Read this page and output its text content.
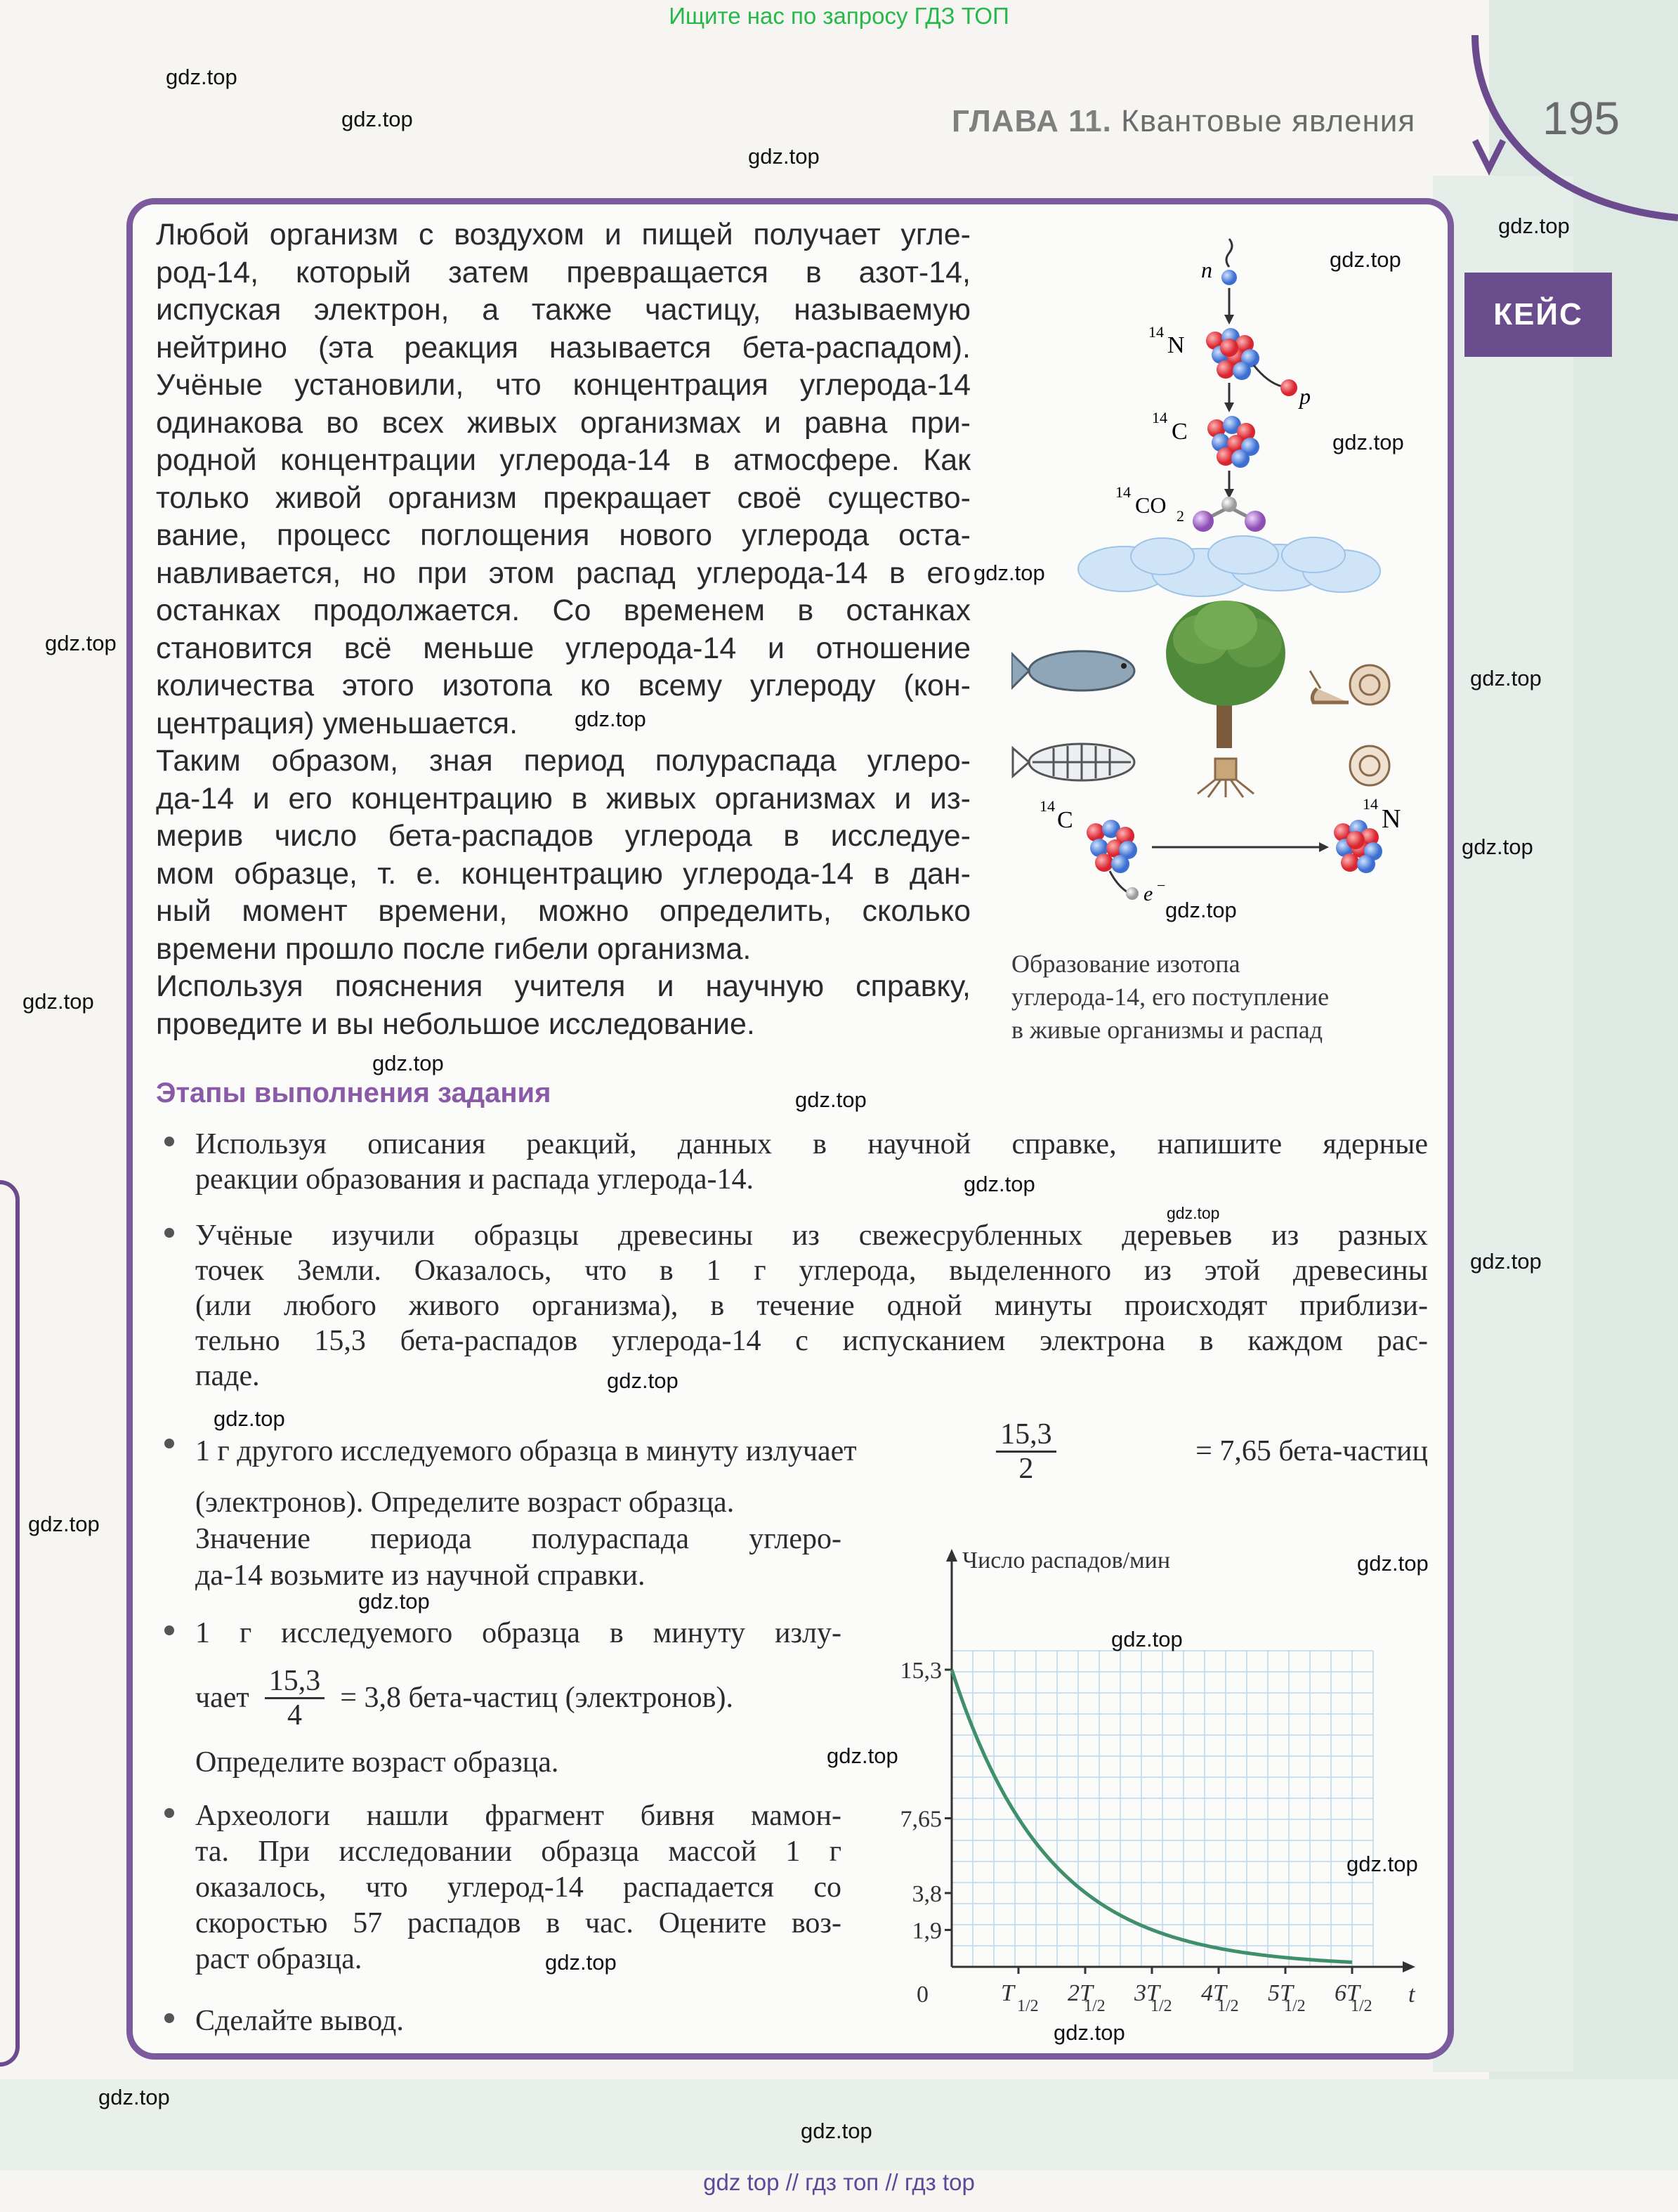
Ищите нас по запросу ГДЗ ТОП
ГЛАВА 11. Квантовые явления	195
КЕЙС
Любой организм с воздухом и пищей получает угле-
род-14, который затем превращается в азот-14,
испуская электрон, а также частицу, называемую
нейтрино (эта реакция называется бета-распадом).
Учёные установили, что концентрация углерода-14
одинакова во всех живых организмах и равна при-
родной концентрации углерода-14 в атмосфере. Как
только живой организм прекращает своё существо-
вание, процесс поглощения нового углерода оста-
навливается, но при этом распад углерода-14 в его
останках продолжается. Со временем в останках
становится всё меньше углерода-14 и отношение
количества этого изотопа ко всему углероду (кон-
центрация) уменьшается.
Таким образом, зная период полураспада углеро-
да-14 и его концентрацию в живых организмах и из-
мерив число бета-распадов углерода в исследуе-
мом образце, т. е. концентрацию углерода-14 в дан-
ный момент времени, можно определить, сколько
времени прошло после гибели организма.
Используя пояснения учителя и научную справку,
проведите и вы небольшое исследование.
n
14
N
p
14
C
14
CO 2
14
C
e −
14
N
Образование изотопа
углерода-14, его поступление
в живые организмы и распад
Этапы выполнения задания
Используя описания реакций, данных в научной справке, напишите ядерные
реакции образования и распада углерода-14.
Учёные изучили образцы древесины из свежесрубленных деревьев из разных
точек Земли. Оказалось, что в 1 г углерода, выделенного из этой древесины
(или любого живого организма), в течение одной минуты происходят приблизи-
тельно 15,3 бета-распадов углерода-14 с испусканием электрона в каждом рас-
паде.
1 г другого исследуемого образца в минуту излучает	$\frac{15,3}{2}$	= 7,65 бета-частиц
(электронов). Определите возраст образца.
Значение периода полураспада углеро-
да-14 возьмите из научной справки.
1 г исследуемого образца в минуту излу-
чает $\frac{15,3}{4} = 3,8$ бета-частиц (электронов).
Определите возраст образца.
Археологи нашли фрагмент бивня мамон-
та. При исследовании образца массой 1 г
оказалось, что углерод-14 распадается со
скоростью 57 распадов в час. Оцените воз-
раст образца.
Сделайте вывод.
Число распадов/мин
t
0
15,3
7,65
3,8
1,9
T 1/2 2T
1/2 3T
1/2 4T
1/2 5T
1/2 6T
1/2
gdz.top
gdz.top
gdz.top
gdz.top
gdz.top
gdz.top
gdz.top
gdz.top
gdz.top
gdz.top
gdz.top
gdz.top
gdz.top
gdz.top
gdz.top
gdz.top
gdz.top
gdz.top
gdz.top
gdz.top
gdz.top
gdz.top
gdz.top
gdz.top
gdz.top
gdz.top
gdz.top
gdz.top
gdz.top
gdz.top
gdz top // гдз топ // гдз top
